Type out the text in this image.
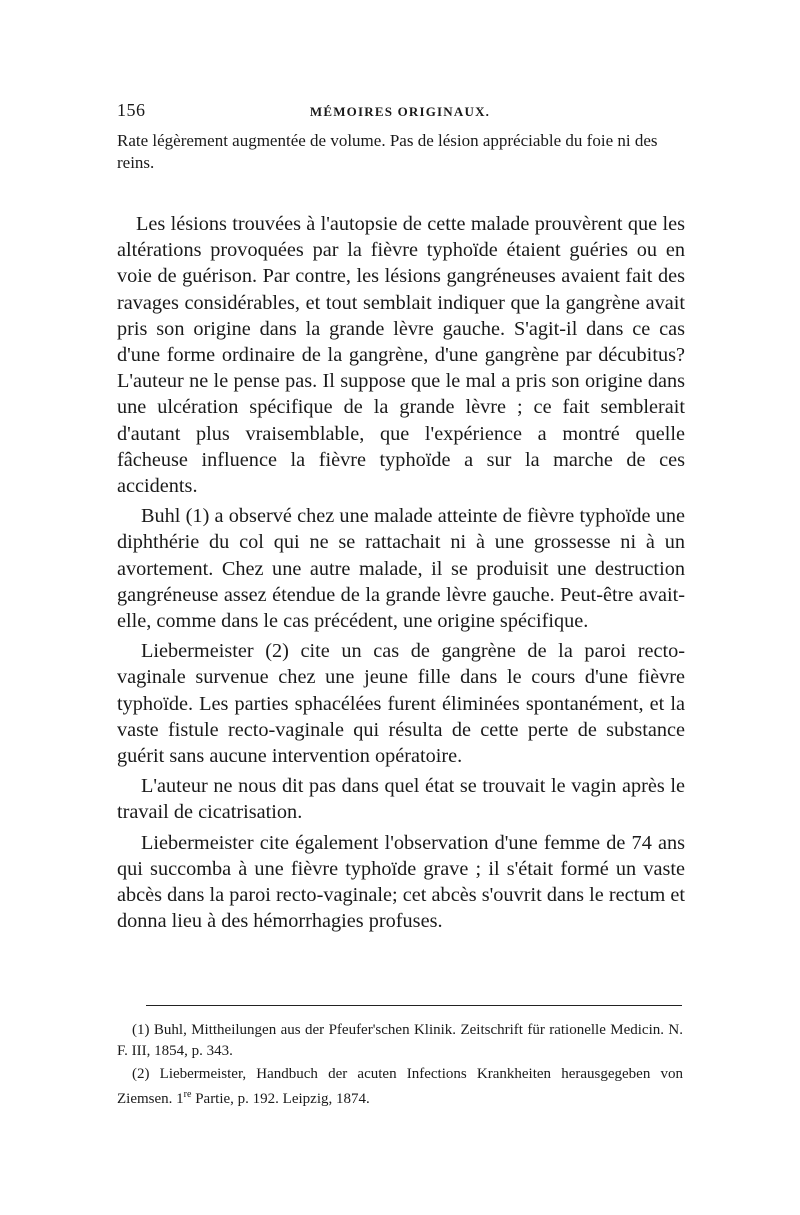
156	MÉMOIRES ORIGINAUX.
Rate légèrement augmentée de volume. Pas de lésion appréciable du foie ni des reins.

Les lésions trouvées à l'autopsie de cette malade prouvèrent que les altérations provoquées par la fièvre typhoïde étaient guéries ou en voie de guérison. Par contre, les lésions gangréneuses avaient fait des ravages considérables, et tout semblait indiquer que la gangrène avait pris son origine dans la grande lèvre gauche. S'agit-il dans ce cas d'une forme ordinaire de la gangrène, d'une gangrène par décubitus? L'auteur ne le pense pas. Il suppose que le mal a pris son origine dans une ulcération spécifique de la grande lèvre ; ce fait semblerait d'autant plus vraisemblable, que l'expérience a montré quelle fâcheuse influence la fièvre typhoïde a sur la marche de ces accidents.

Buhl (1) a observé chez une malade atteinte de fièvre typhoïde une diphthérie du col qui ne se rattachait ni à une grossesse ni à un avortement. Chez une autre malade, il se produisit une destruction gangréneuse assez étendue de la grande lèvre gauche. Peut-être avait-elle, comme dans le cas précédent, une origine spécifique.

Liebermeister (2) cite un cas de gangrène de la paroi recto-vaginale survenue chez une jeune fille dans le cours d'une fièvre typhoïde. Les parties sphacélées furent éliminées spontanément, et la vaste fistule recto-vaginale qui résulta de cette perte de substance guérit sans aucune intervention opératoire.

L'auteur ne nous dit pas dans quel état se trouvait le vagin après le travail de cicatrisation.

Liebermeister cite également l'observation d'une femme de 74 ans qui succomba à une fièvre typhoïde grave ; il s'était formé un vaste abcès dans la paroi recto-vaginale; cet abcès s'ouvrit dans le rectum et donna lieu à des hémorrhagies profuses.

(1) Buhl, Mittheilungen aus der Pfeufer'schen Klinik. Zeitschrift für rationelle Medicin. N. F. III, 1854, p. 343.

(2) Liebermeister, Handbuch der acuten Infections Krankheiten herausgegeben von Ziemsen. 1re Partie, p. 192. Leipzig, 1874.
